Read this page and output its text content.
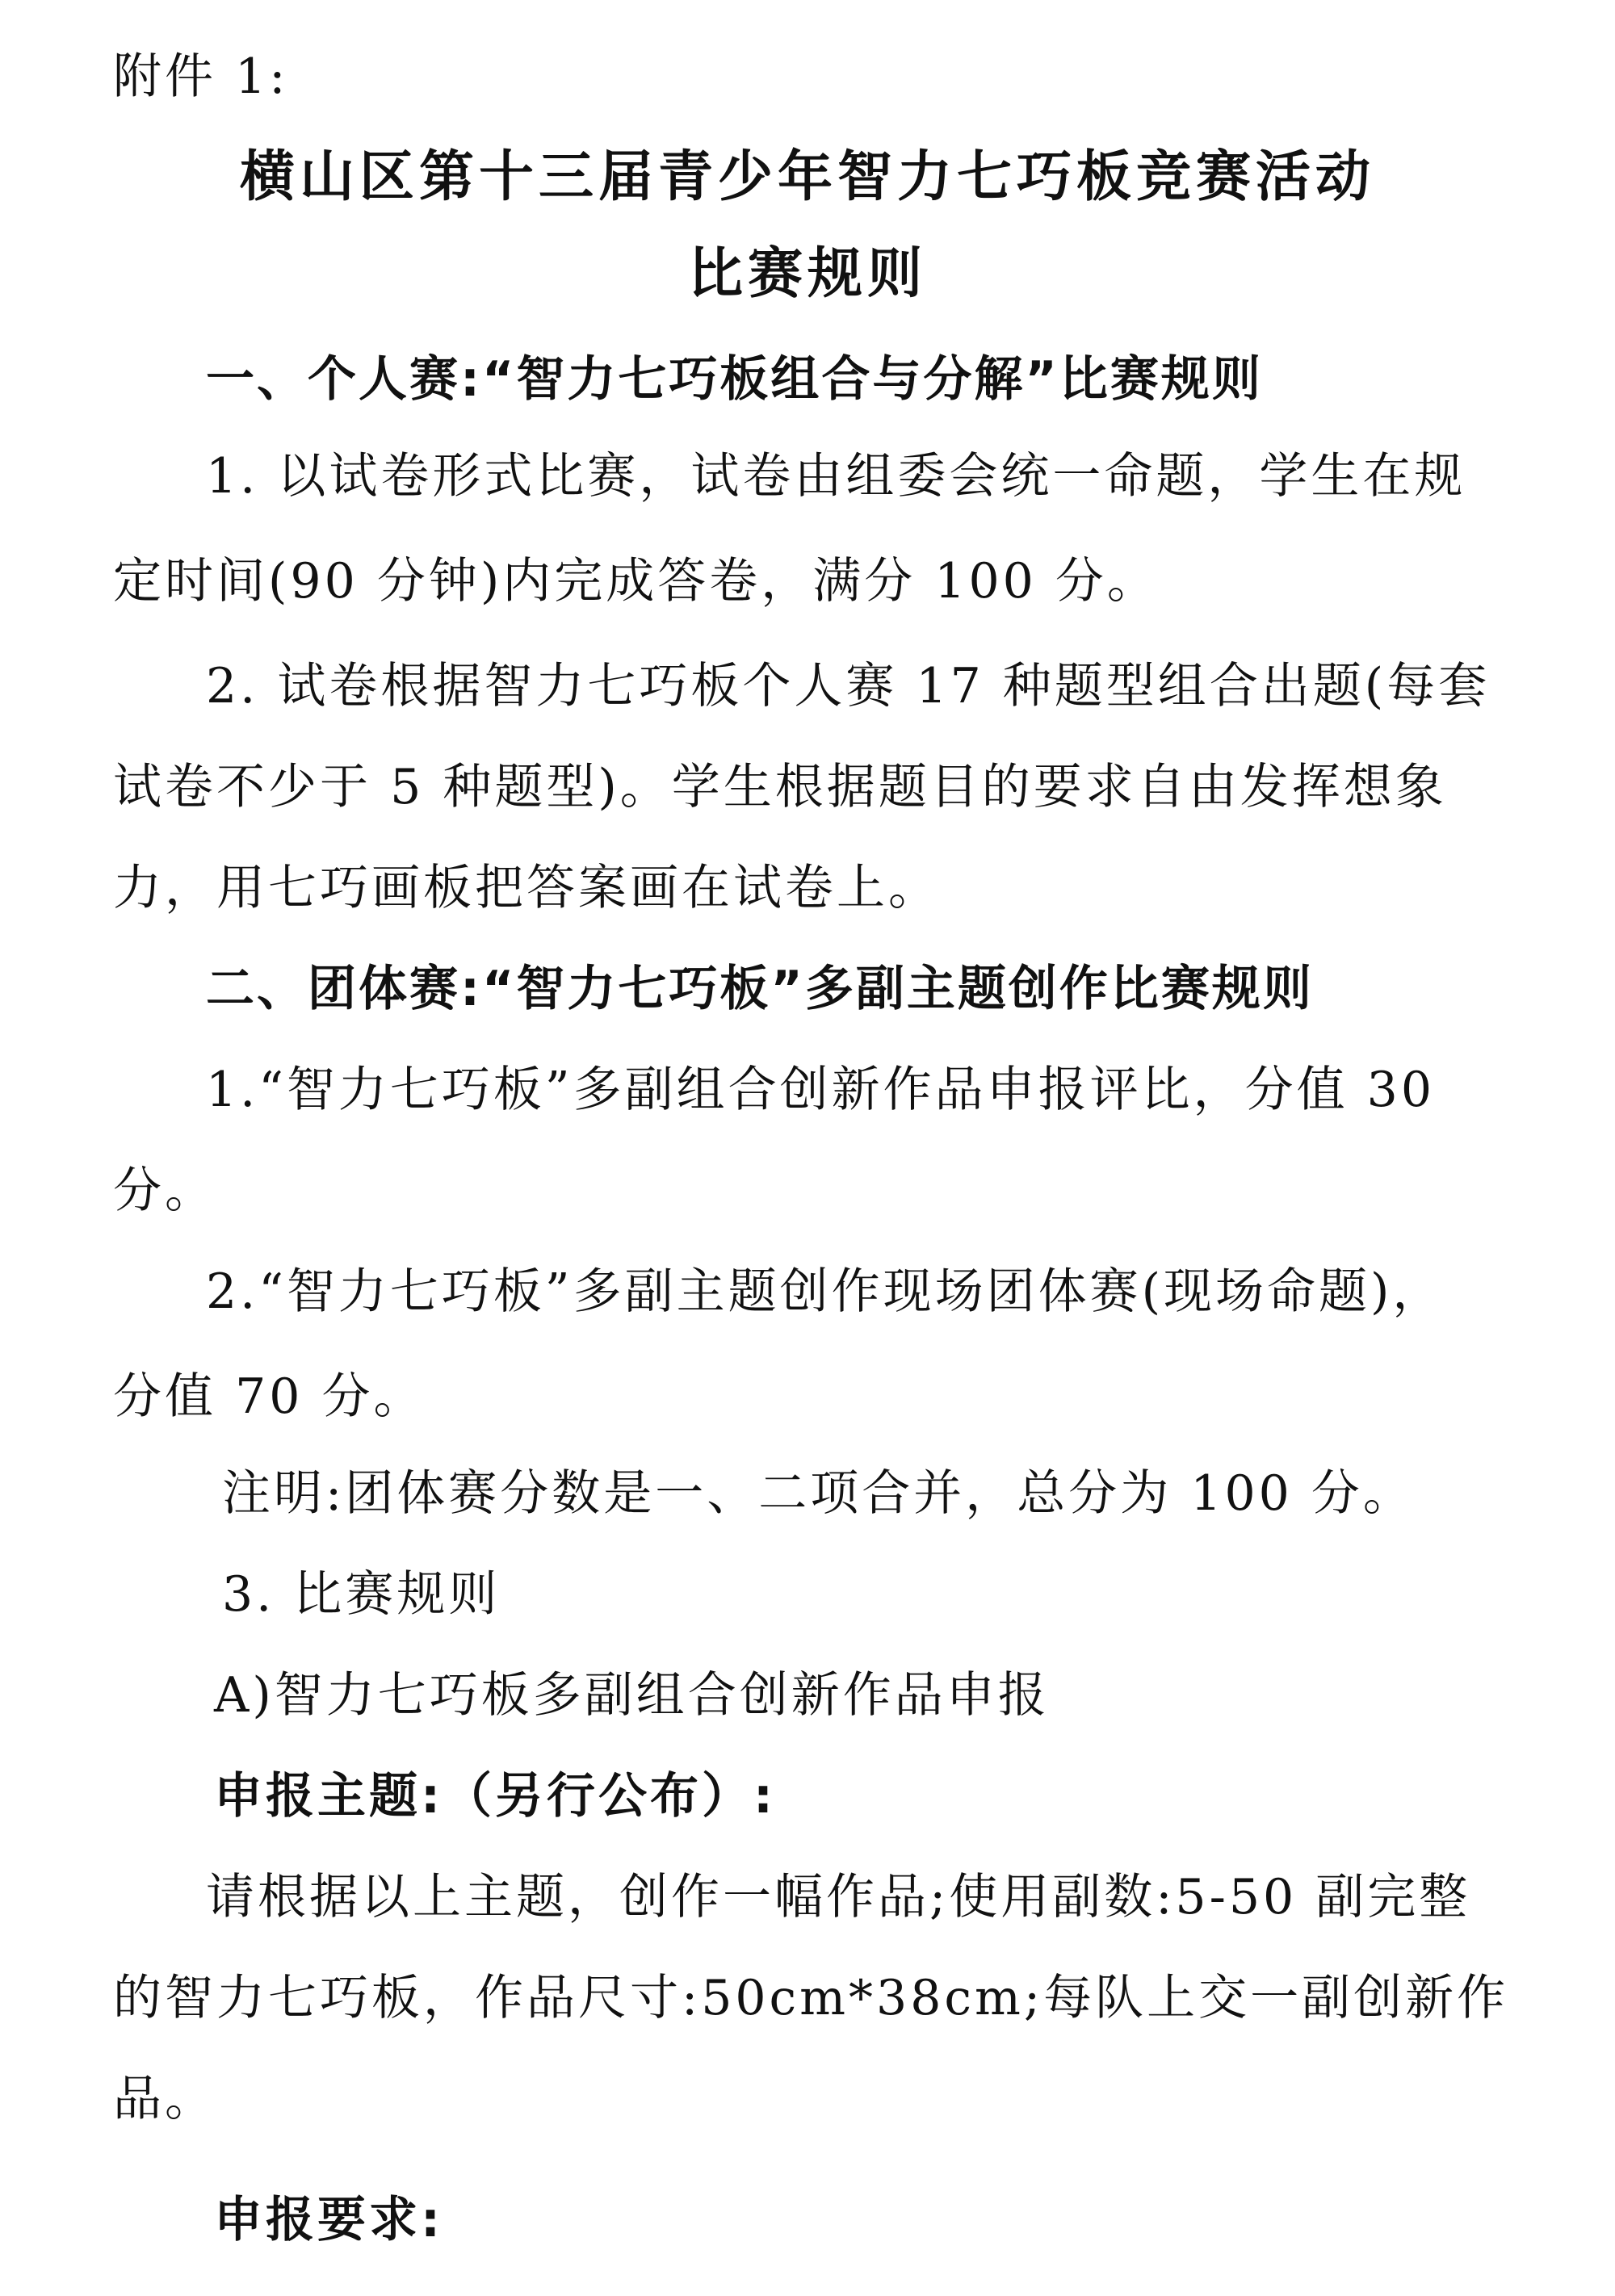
附件 1:
横山区第十三届青少年智力七巧板竞赛活动
比赛规则
一、个人赛:“智力七巧板组合与分解”比赛规则
1. 以试卷形式比赛，试卷由组委会统一命题，学生在规
定时间(90 分钟)内完成答卷，满分 100 分。
2. 试卷根据智力七巧板个人赛 17 种题型组合出题(每套
试卷不少于 5 种题型)。学生根据题目的要求自由发挥想象
力，用七巧画板把答案画在试卷上。
二、团体赛:“智力七巧板”多副主题创作比赛规则
1.“智力七巧板”多副组合创新作品申报评比，分值 30
分。
2.“智力七巧板”多副主题创作现场团体赛(现场命题)，
分值 70 分。
注明:团体赛分数是一、二项合并，总分为 100 分。
3. 比赛规则
A)智力七巧板多副组合创新作品申报
申报主题:（另行公布）:
请根据以上主题，创作一幅作品;使用副数:5-50 副完整
的智力七巧板，作品尺寸:50cm*38cm;每队上交一副创新作
品。
申报要求:
